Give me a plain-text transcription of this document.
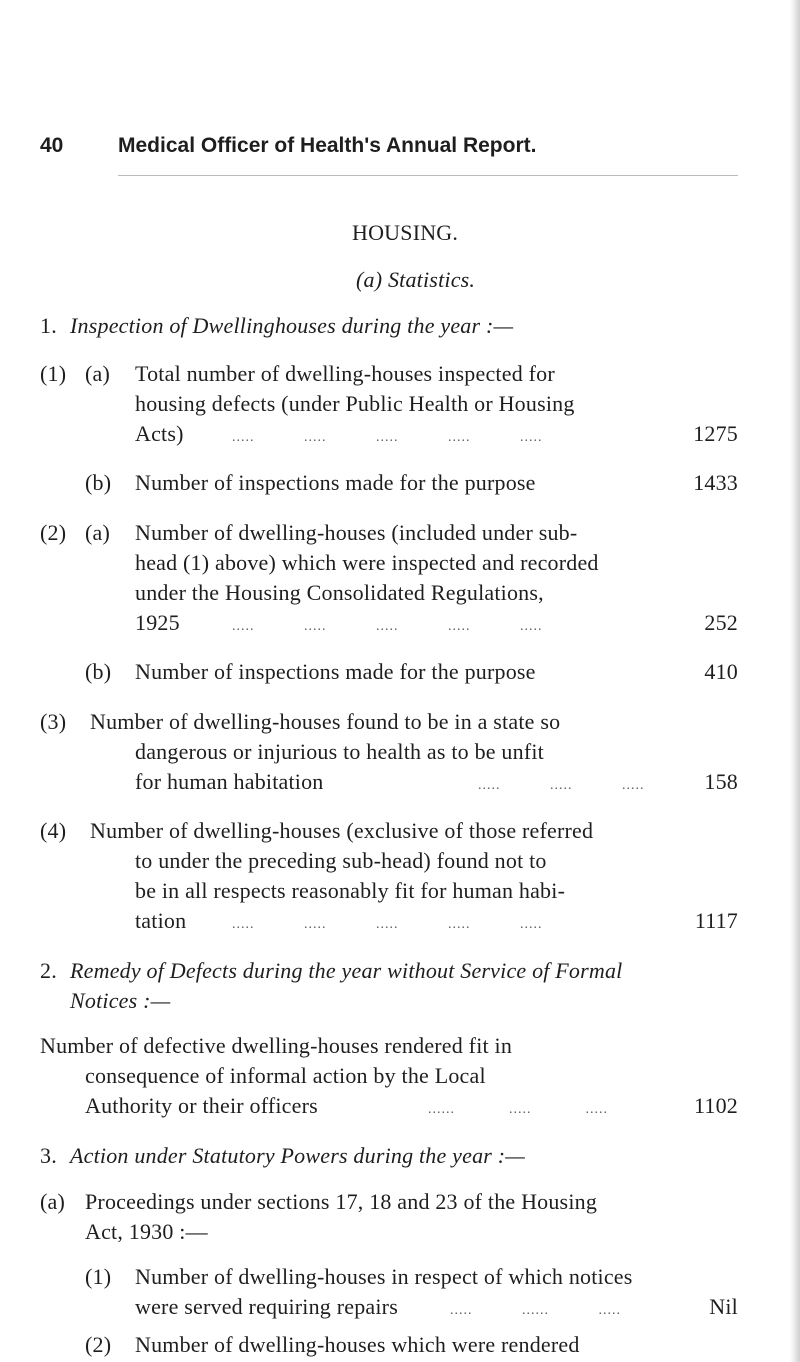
40	Medical Officer of Health's Annual Report.
HOUSING.
(a) Statistics.
1. Inspection of Dwellinghouses during the year :—
(1) (a) Total number of dwelling-houses inspected for
housing defects (under Public Health or Housing
Acts)	.....           .....           .....           .....           .....	1275
(b) Number of inspections made for the purpose	1433
(2) (a) Number of dwelling-houses (included under sub-
head (1) above) which were inspected and recorded
under the Housing Consolidated Regulations,
1925	.....           .....           .....           .....           .....	252
(b) Number of inspections made for the purpose	410
(3) Number of dwelling-houses found to be in a state so
dangerous or injurious to health as to be unfit
for human habitation	.....           .....           .....	158
(4) Number of dwelling-houses (exclusive of those referred
to under the preceding sub-head) found not to
be in all respects reasonably fit for human habi-
tation	.....           .....           .....           .....           .....	1117
2. Remedy of Defects during the year without Service of Formal
Notices :—
Number of defective dwelling-houses rendered fit in
consequence of informal action by the Local
Authority or their officers	......            .....            .....	1102
3. Action under Statutory Powers during the year :—
(a) Proceedings under sections 17, 18 and 23 of the Housing
Act, 1930 :—
(1) Number of dwelling-houses in respect of which notices
were served requiring repairs	.....           ......           .....	Nil
(2) Number of dwelling-houses which were rendered
